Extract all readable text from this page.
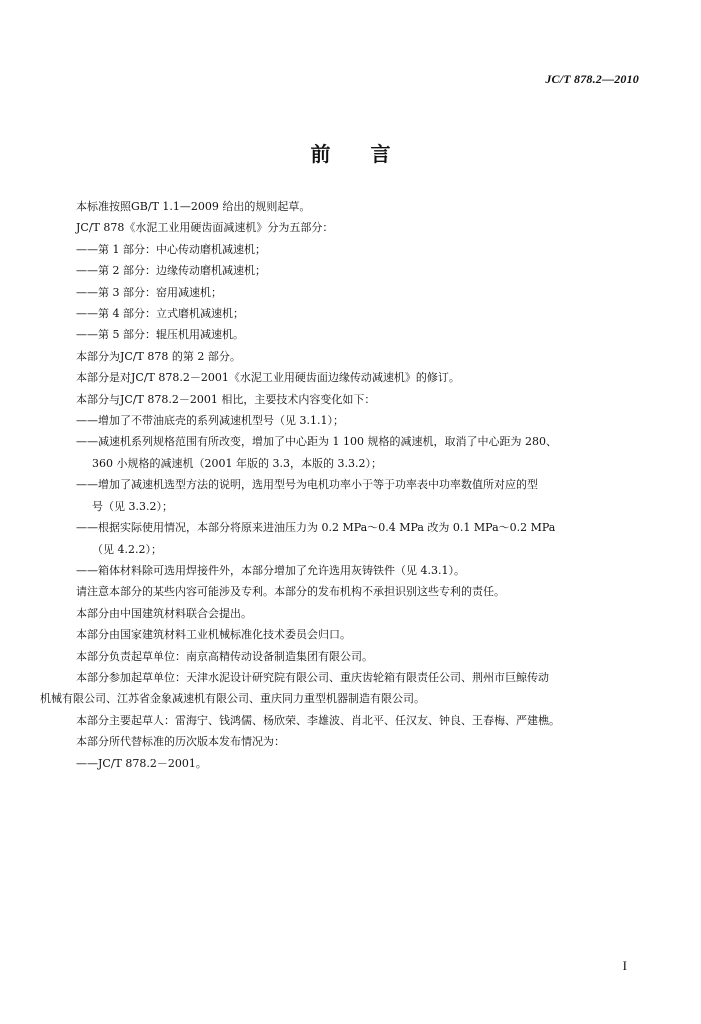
JC/T 878.2—2010
前言

本标准按照GB/T 1.1—2009 给出的规则起草。

JC/T 878《水泥工业用硬齿面减速机》分为五部分：

——第 1 部分：中心传动磨机减速机；

——第 2 部分：边缘传动磨机减速机；

——第 3 部分：窑用减速机；

——第 4 部分：立式磨机减速机；

——第 5 部分：辊压机用减速机。

本部分为JC/T 878 的第 2 部分。

本部分是对JC/T 878.2－2001《水泥工业用硬齿面边缘传动减速机》的修订。

本部分与JC/T 878.2－2001 相比，主要技术内容变化如下：

——增加了不带油底壳的系列减速机型号（见 3.1.1）；

——减速机系列规格范围有所改变，增加了中心距为 1 100 规格的减速机，取消了中心距为 280、

360 小规格的减速机（2001 年版的 3.3，本版的 3.3.2）；

——增加了减速机选型方法的说明，选用型号为电机功率小于等于功率表中功率数值所对应的型

号（见 3.3.2）；

——根据实际使用情况，本部分将原来进油压力为 0.2 MPa～0.4 MPa 改为 0.1 MPa～0.2 MPa

（见 4.2.2）；

——箱体材料除可选用焊接件外，本部分增加了允许选用灰铸铁件（见 4.3.1）。

请注意本部分的某些内容可能涉及专利。本部分的发布机构不承担识别这些专利的责任。

本部分由中国建筑材料联合会提出。

本部分由国家建筑材料工业机械标准化技术委员会归口。

本部分负责起草单位：南京高精传动设备制造集团有限公司。

本部分参加起草单位：天津水泥设计研究院有限公司、重庆齿轮箱有限责任公司、荆州市巨鲸传动

机械有限公司、江苏省金象减速机有限公司、重庆同力重型机器制造有限公司。

本部分主要起草人：雷海宁、钱鸿儒、杨欣荣、李雄波、肖北平、任汉友、钟良、王春梅、严建樵。

本部分所代替标准的历次版本发布情况为：

——JC/T 878.2－2001。

I
